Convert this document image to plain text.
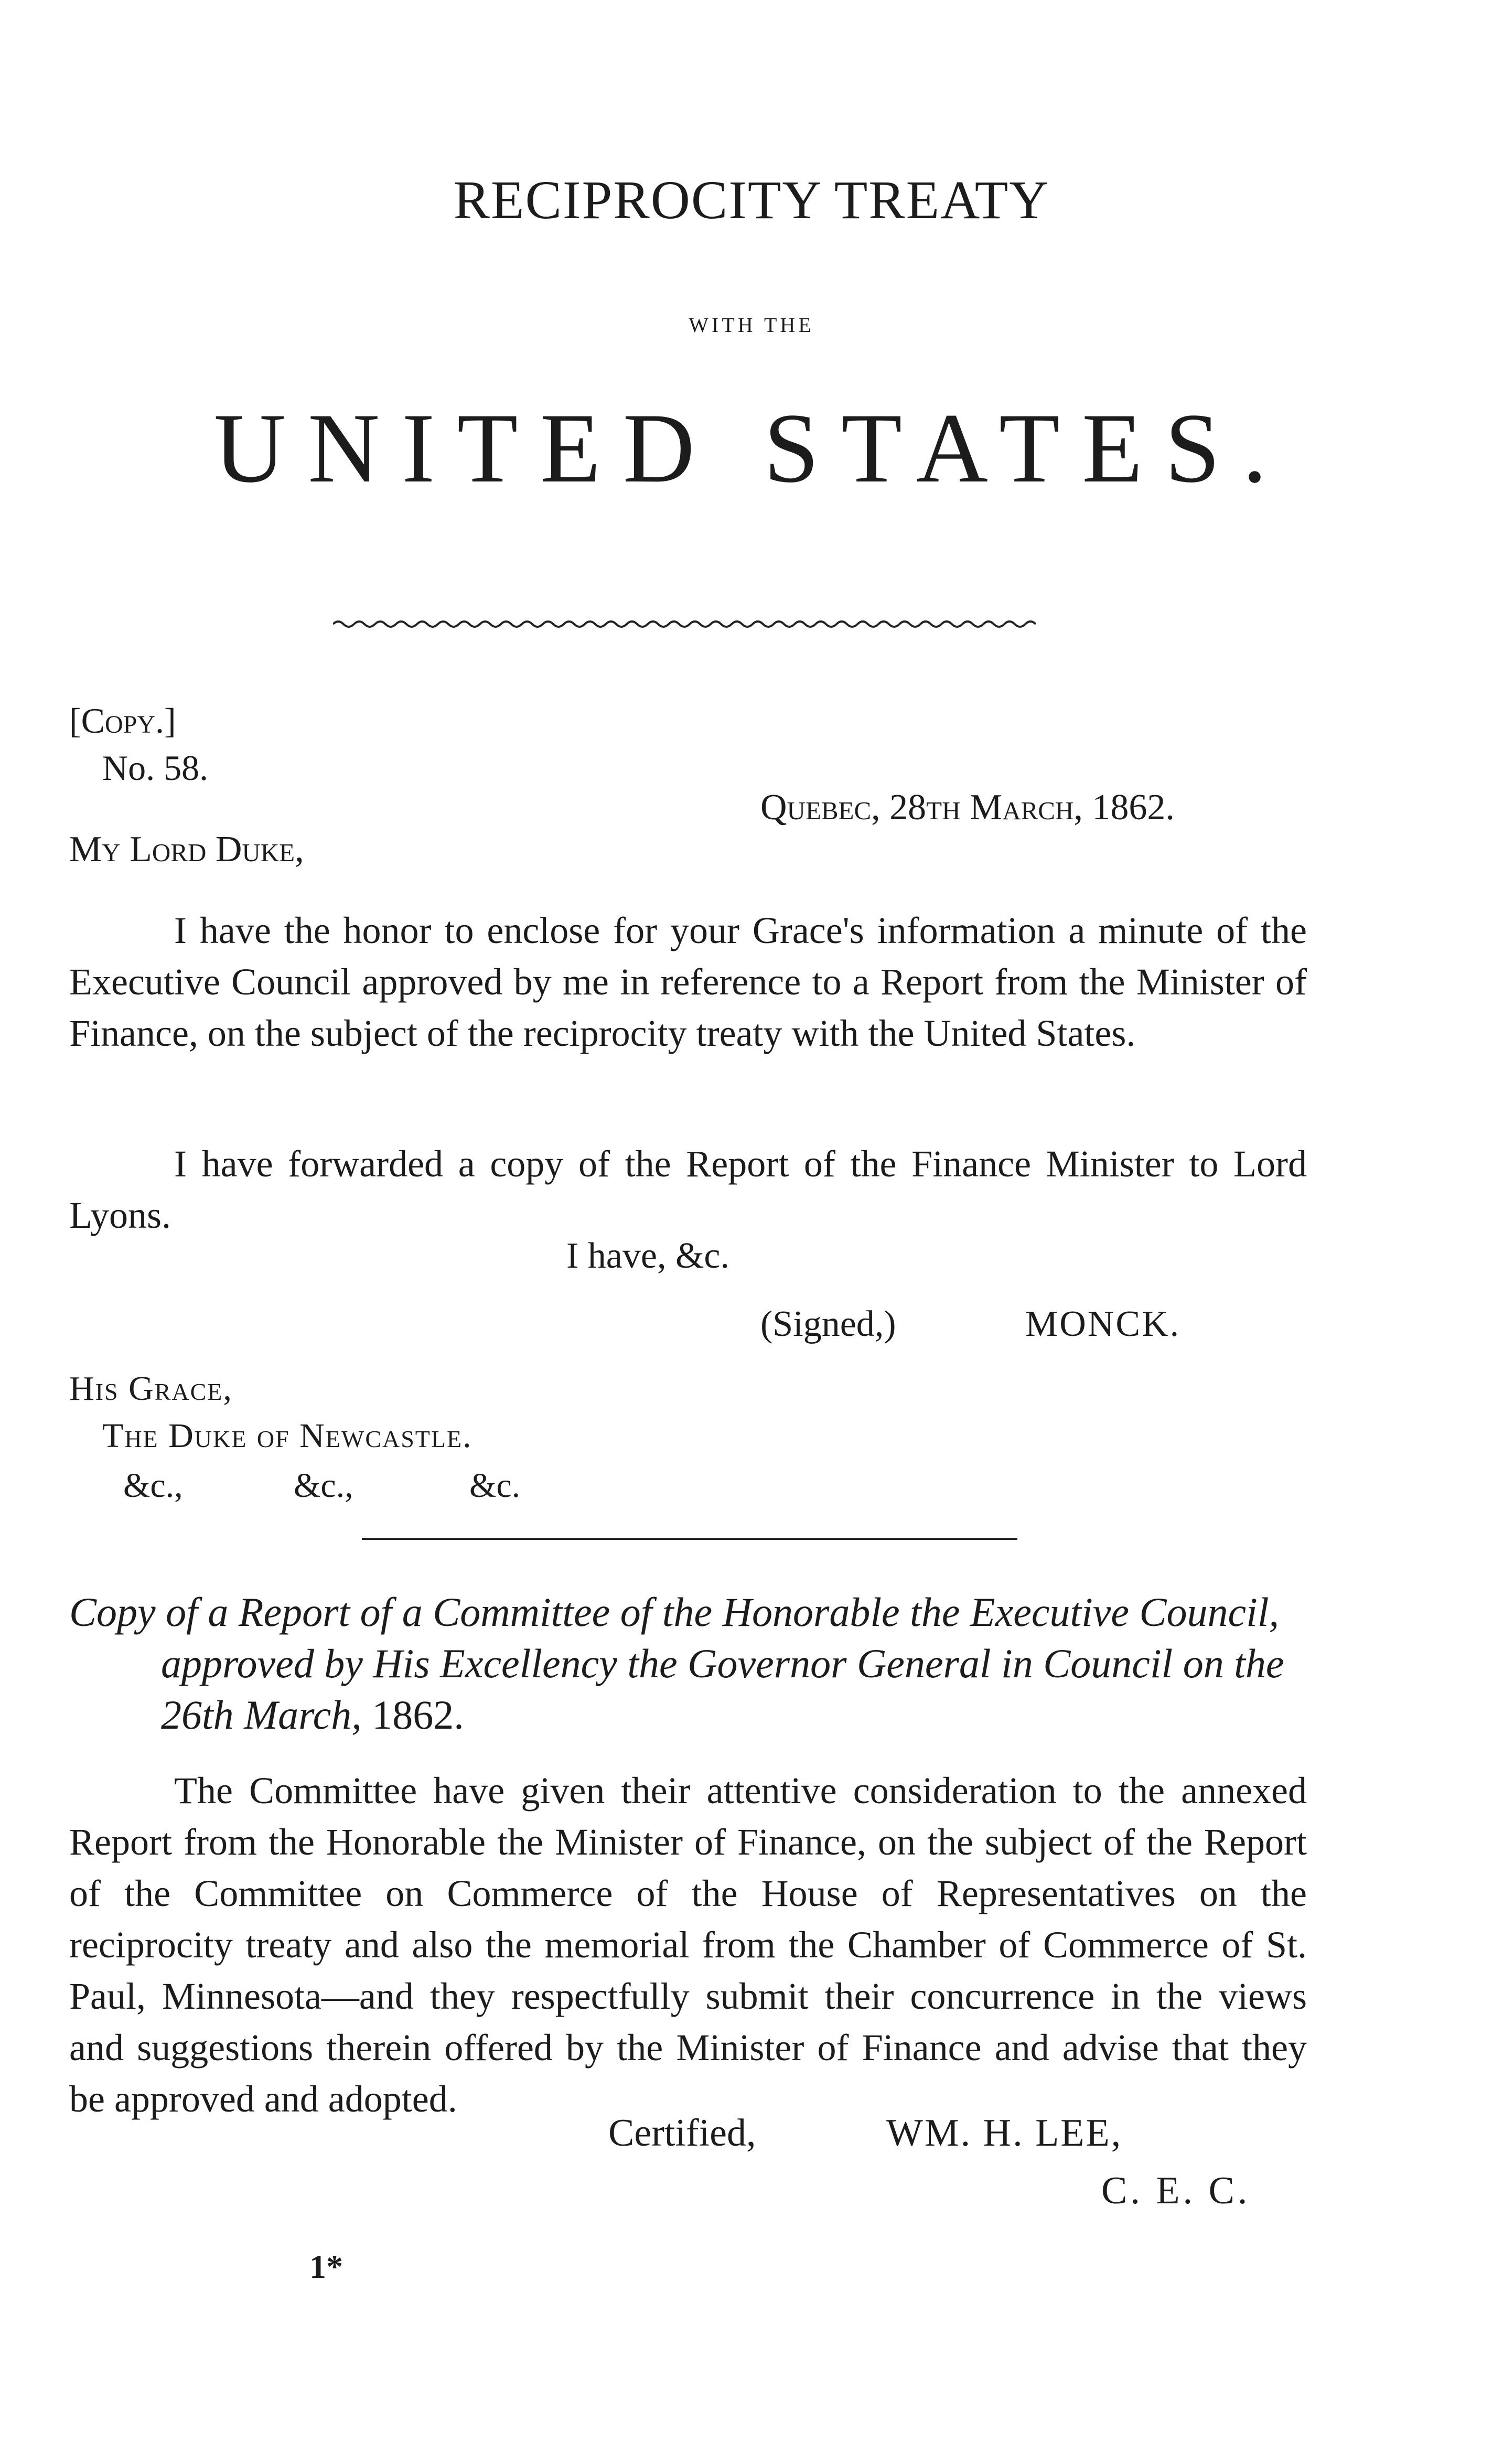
RECIPROCITY TREATY
WITH THE
UNITED STATES.
[Copy.]
No. 58.
Quebec, 28th March, 1862.
My Lord Duke,
I have the honor to enclose for your Grace's information a minute of the Executive Council approved by me in reference to a Report from the Minister of Finance, on the subject of the reciprocity treaty with the United States.
I have forwarded a copy of the Report of the Finance Minister to Lord Lyons.
I have, &c.
(Signed,)	MONCK.
His Grace,
The Duke of Newcastle.
&c.,	&c.,	&c.
Copy of a Report of a Committee of the Honorable the Executive Council, approved by His Excellency the Governor General in Council on the 26th March, 1862.
The Committee have given their attentive consideration to the annexed Report from the Honorable the Minister of Finance, on the subject of the Report of the Committee on Commerce of the House of Representatives on the reciprocity treaty and also the memorial from the Chamber of Commerce of St. Paul, Minnesota—and they respectfully submit their concurrence in the views and suggestions therein offered by the Minister of Finance and advise that they be approved and adopted.
Certified,	WM. H. LEE,
C. E. C.
1*
